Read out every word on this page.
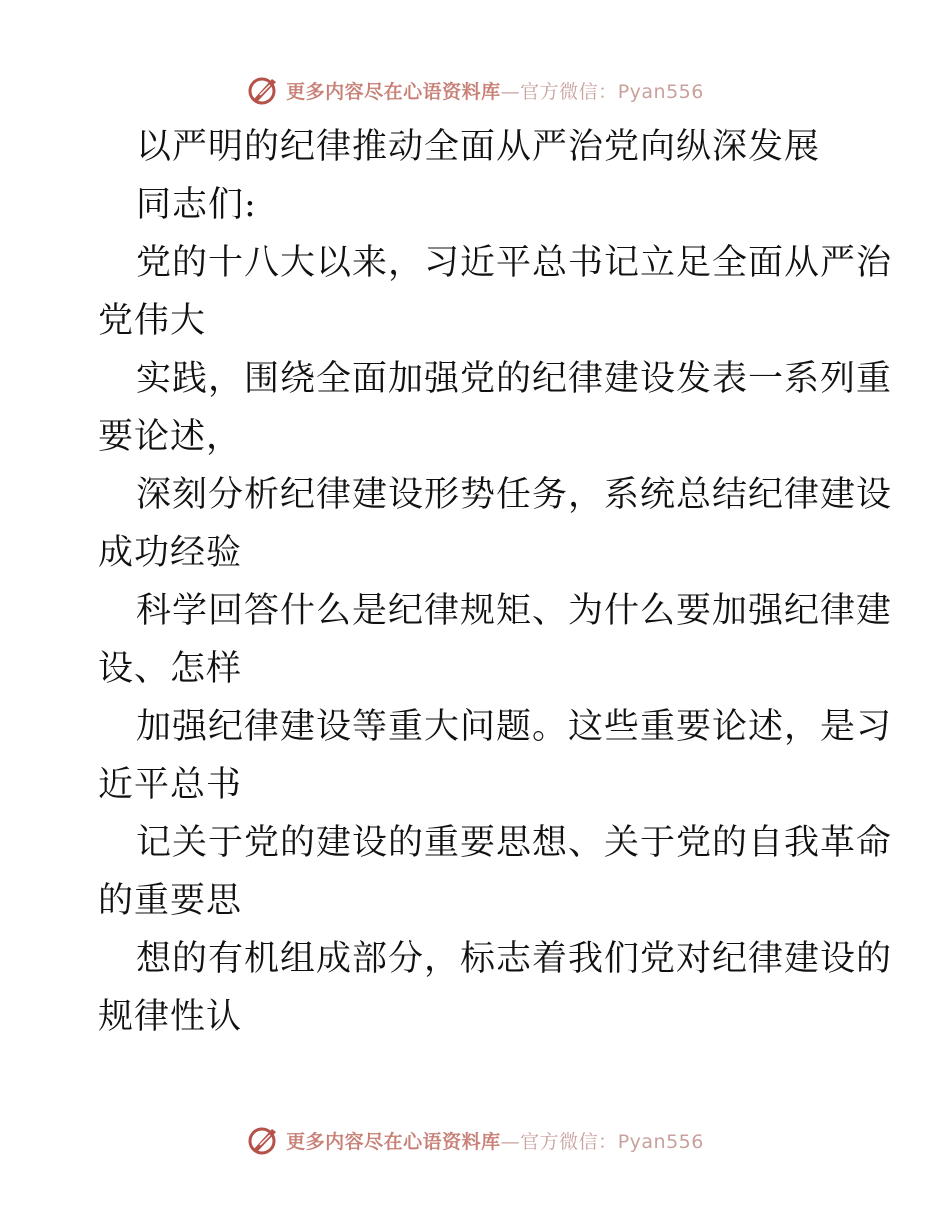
更多内容尽在心语资料库—官方微信：Pyan556
以严明的纪律推动全面从严治党向纵深发展
同志们:
党的十八大以来，习近平总书记立足全面从严治
党伟大
实践，围绕全面加强党的纪律建设发表一系列重
要论述，
深刻分析纪律建设形势任务，系统总结纪律建设
成功经验
科学回答什么是纪律规矩、为什么要加强纪律建
设、怎样
加强纪律建设等重大问题。这些重要论述，是习
近平总书
记关于党的建设的重要思想、关于党的自我革命
的重要思
想的有机组成部分，标志着我们党对纪律建设的
规律性认
更多内容尽在心语资料库—官方微信：Pyan556
